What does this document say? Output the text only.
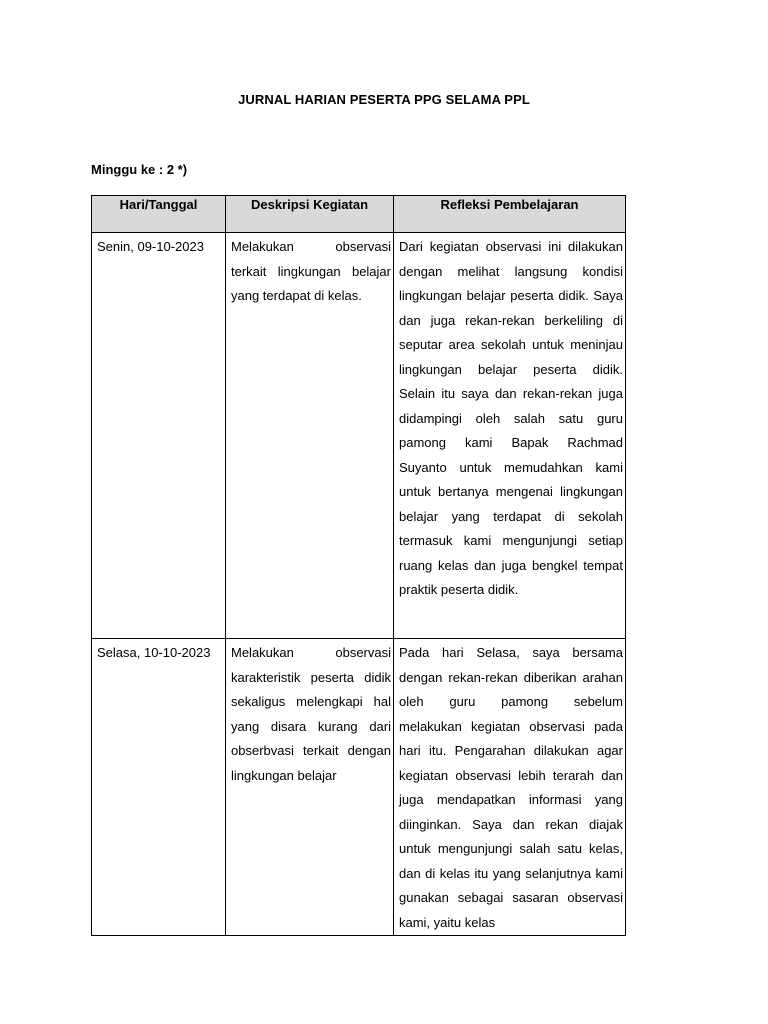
JURNAL HARIAN PESERTA PPG SELAMA PPL
Minggu ke : 2 *)
Hari/Tanggal	Deskripsi Kegiatan	Refleksi Pembelajaran
Senin, 09-10-2023	Melakukan observasi terkait lingkungan belajar yang terdapat di kelas.	Dari kegiatan observasi ini dilakukan dengan melihat langsung kondisi lingkungan belajar peserta didik. Saya dan juga rekan-rekan berkeliling di seputar area sekolah untuk meninjau lingkungan belajar peserta didik. Selain itu saya dan rekan-rekan juga didampingi oleh salah satu guru pamong kami Bapak Rachmad Suyanto untuk memudahkan kami untuk bertanya mengenai lingkungan belajar yang terdapat di sekolah termasuk kami mengunjungi setiap ruang kelas dan juga bengkel tempat praktik peserta didik.
Selasa, 10-10-2023	Melakukan observasi karakteristik peserta didik sekaligus melengkapi hal yang disara kurang dari obserbvasi terkait dengan lingkungan belajar	Pada hari Selasa, saya bersama dengan rekan-rekan diberikan arahan oleh guru pamong sebelum melakukan kegiatan observasi pada hari itu. Pengarahan dilakukan agar kegiatan observasi lebih terarah dan juga mendapatkan informasi yang diinginkan. Saya dan rekan diajak untuk mengunjungi salah satu kelas, dan di kelas itu yang selanjutnya kami gunakan sebagai sasaran observasi kami, yaitu kelas
